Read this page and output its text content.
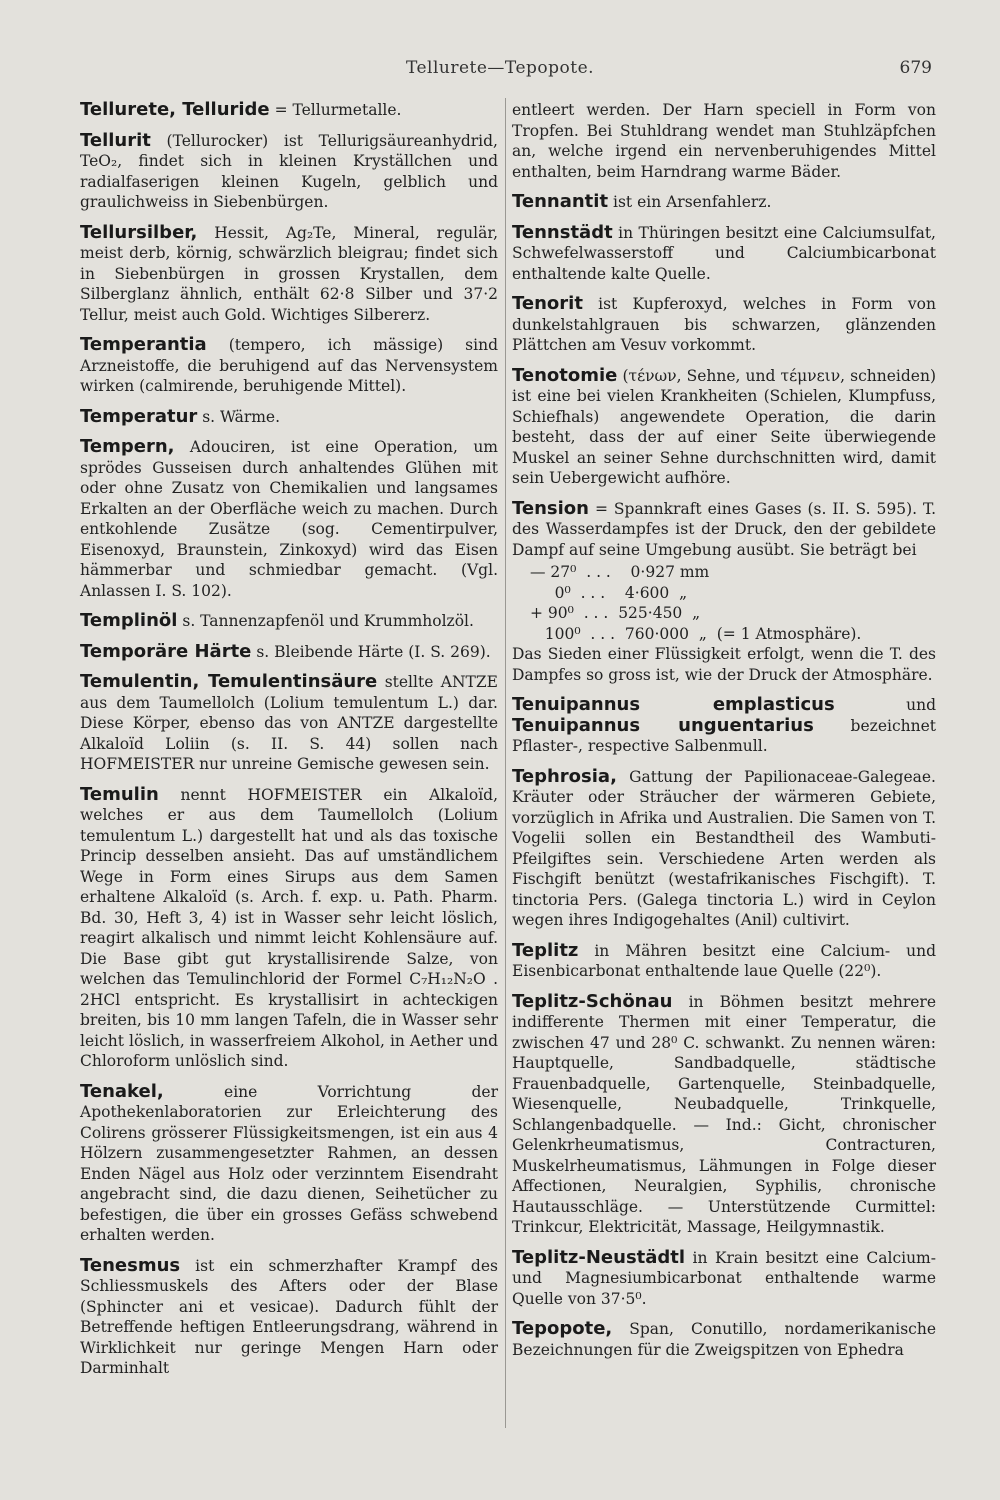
Tellurete—Tepopote.	679

Tellurete, Telluride = Tellurmetalle.

Tellurit (Tellurocker) ist Tellurigsäureanhydrid, TeO₂, findet sich in kleinen Kryställchen und radialfaserigen kleinen Kugeln, gelblich und graulichweiss in Siebenbürgen.

Tellursilber, Hessit, Ag₂Te, Mineral, regulär, meist derb, körnig, schwärzlich bleigrau; findet sich in Siebenbürgen in grossen Krystallen, dem Silberglanz ähnlich, enthält 62·8 Silber und 37·2 Tellur, meist auch Gold. Wichtiges Silbererz.

Temperantia (tempero, ich mässige) sind Arzneistoffe, die beruhigend auf das Nervensystem wirken (calmirende, beruhigende Mittel).

Temperatur s. Wärme.

Tempern, Adouciren, ist eine Operation, um sprödes Gusseisen durch anhaltendes Glühen mit oder ohne Zusatz von Chemikalien und langsames Erkalten an der Oberfläche weich zu machen. Durch entkohlende Zusätze (sog. Cementirpulver, Eisenoxyd, Braunstein, Zinkoxyd) wird das Eisen hämmerbar und schmiedbar gemacht. (Vgl. Anlassen I. S. 102).

Templinöl s. Tannenzapfenöl und Krummholzöl.

Temporäre Härte s. Bleibende Härte (I. S. 269).

Temulentin, Temulentinsäure stellte ANTZE aus dem Taumellolch (Lolium temulentum L.) dar. Diese Körper, ebenso das von ANTZE dargestellte Alkaloïd Loliin (s. II. S. 44) sollen nach HOFMEISTER nur unreine Gemische gewesen sein.

Temulin nennt HOFMEISTER ein Alkaloïd, welches er aus dem Taumellolch (Lolium temulentum L.) dargestellt hat und als das toxische Princip desselben ansieht. Das auf umständlichem Wege in Form eines Sirups aus dem Samen erhaltene Alkaloïd (s. Arch. f. exp. u. Path. Pharm. Bd. 30, Heft 3, 4) ist in Wasser sehr leicht löslich, reagirt alkalisch und nimmt leicht Kohlensäure auf. Die Base gibt gut krystallisirende Salze, von welchen das Temulinchlorid der Formel C₇H₁₂N₂O . 2HCl entspricht. Es krystallisirt in achteckigen breiten, bis 10 mm langen Tafeln, die in Wasser sehr leicht löslich, in wasserfreiem Alkohol, in Aether und Chloroform unlöslich sind.

Tenakel, eine Vorrichtung der Apothekenlaboratorien zur Erleichterung des Colirens grösserer Flüssigkeitsmengen, ist ein aus 4 Hölzern zusammengesetzter Rahmen, an dessen Enden Nägel aus Holz oder verzinntem Eisendraht angebracht sind, die dazu dienen, Seihetücher zu befestigen, die über ein grosses Gefäss schwebend erhalten werden.

Tenesmus ist ein schmerzhafter Krampf des Schliessmuskels des Afters oder der Blase (Sphincter ani et vesicae). Dadurch fühlt der Betreffende heftigen Entleerungsdrang, während in Wirklichkeit nur geringe Mengen Harn oder Darminhalt

entleert werden. Der Harn speciell in Form von Tropfen. Bei Stuhldrang wendet man Stuhlzäpfchen an, welche irgend ein nervenberuhigendes Mittel enthalten, beim Harndrang warme Bäder.

Tennantit ist ein Arsenfahlerz.

Tennstädt in Thüringen besitzt eine Calciumsulfat, Schwefelwasserstoff und Calciumbicarbonat enthaltende kalte Quelle.

Tenorit ist Kupferoxyd, welches in Form von dunkelstahlgrauen bis schwarzen, glänzenden Plättchen am Vesuv vorkommt.

Tenotomie (τένων, Sehne, und τέμνειν, schneiden) ist eine bei vielen Krankheiten (Schielen, Klumpfuss, Schiefhals) angewendete Operation, die darin besteht, dass der auf einer Seite überwiegende Muskel an seiner Sehne durchschnitten wird, damit sein Uebergewicht aufhöre.

Tension = Spannkraft eines Gases (s. II. S. 595). T. des Wasserdampfes ist der Druck, den der gebildete Dampf auf seine Umgebung ausübt. Sie beträgt bei
— 27⁰  . . .    0·927 mm
0⁰  . . .    4·600  „
+ 90⁰  . . .  525·450  „
100⁰  . . .  760·000  „  (= 1 Atmosphäre).
Das Sieden einer Flüssigkeit erfolgt, wenn die T. des Dampfes so gross ist, wie der Druck der Atmosphäre.

Tenuipannus emplasticus und Tenuipannus unguentarius bezeichnet Pflaster-, respective Salbenmull.

Tephrosia, Gattung der Papilionaceae-Galegeae. Kräuter oder Sträucher der wärmeren Gebiete, vorzüglich in Afrika und Australien. Die Samen von T. Vogelii sollen ein Bestandtheil des Wambuti-Pfeilgiftes sein. Verschiedene Arten werden als Fischgift benützt (westafrikanisches Fischgift). T. tinctoria Pers. (Galega tinctoria L.) wird in Ceylon wegen ihres Indigogehaltes (Anil) cultivirt.

Teplitz in Mähren besitzt eine Calcium- und Eisenbicarbonat enthaltende laue Quelle (22⁰).

Teplitz-Schönau in Böhmen besitzt mehrere indifferente Thermen mit einer Temperatur, die zwischen 47 und 28⁰ C. schwankt. Zu nennen wären: Hauptquelle, Sandbadquelle, städtische Frauenbadquelle, Gartenquelle, Steinbadquelle, Wiesenquelle, Neubadquelle, Trinkquelle, Schlangenbadquelle. — Ind.: Gicht, chronischer Gelenkrheumatismus, Contracturen, Muskelrheumatismus, Lähmungen in Folge dieser Affectionen, Neuralgien, Syphilis, chronische Hautausschläge. — Unterstützende Curmittel: Trinkcur, Elektricität, Massage, Heilgymnastik.

Teplitz-Neustädtl in Krain besitzt eine Calcium- und Magnesiumbicarbonat enthaltende warme Quelle von 37·5⁰.

Tepopote, Span, Conutillo, nordamerikanische Bezeichnungen für die Zweigspitzen von Ephedra
